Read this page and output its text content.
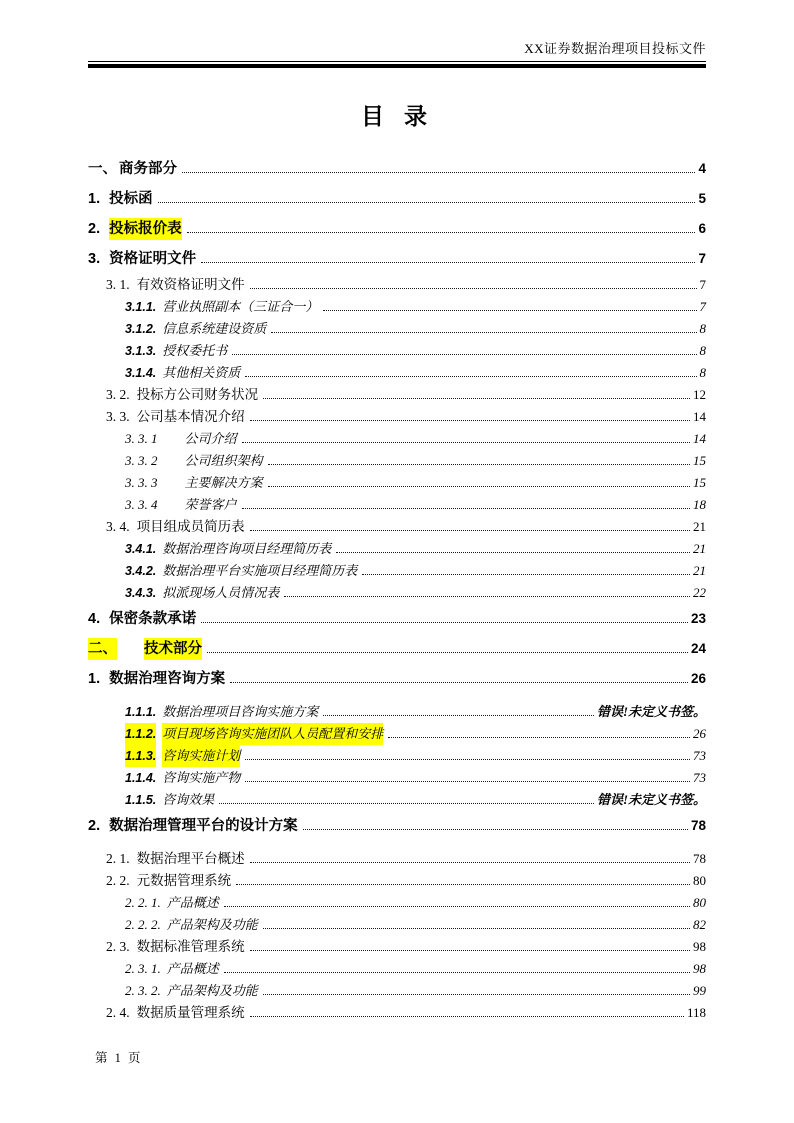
XX证券数据治理项目投标文件
目 录
一、 商务部分	4
1. 投标函	5
2. 投标报价表	6
3. 资格证明文件	7
3. 1. 有效资格证明文件	7
3.1.1. 营业执照副本（三证合一）	7
3.1.2. 信息系统建设资质	8
3.1.3. 授权委托书	8
3.1.4. 其他相关资质	8
3. 2. 投标方公司财务状况	12
3. 3. 公司基本情况介绍	14
3. 3. 1 公司介绍	14
3. 3. 2 公司组织架构	15
3. 3. 3 主要解决方案	15
3. 3. 4 荣誉客户	18
3. 4. 项目组成员简历表	21
3.4.1. 数据治理咨询项目经理简历表	21
3.4.2. 数据治理平台实施项目经理简历表	21
3.4.3. 拟派现场人员情况表	22
4. 保密条款承诺	23
二、 技术部分	24
1. 数据治理咨询方案	26
1.1.1. 数据治理项目咨询实施方案	错误!未定义书签。
1.1.2. 项目现场咨询实施团队人员配置和安排	26
1.1.3. 咨询实施计划	73
1.1.4. 咨询实施产物	73
1.1.5. 咨询效果	错误!未定义书签。
2. 数据治理管理平台的设计方案	78
2. 1. 数据治理平台概述	78
2. 2. 元数据管理系统	80
2. 2. 1. 产品概述	80
2. 2. 2. 产品架构及功能	82
2. 3. 数据标准管理系统	98
2. 3. 1. 产品概述	98
2. 3. 2. 产品架构及功能	99
2. 4. 数据质量管理系统	118
第 1 页
